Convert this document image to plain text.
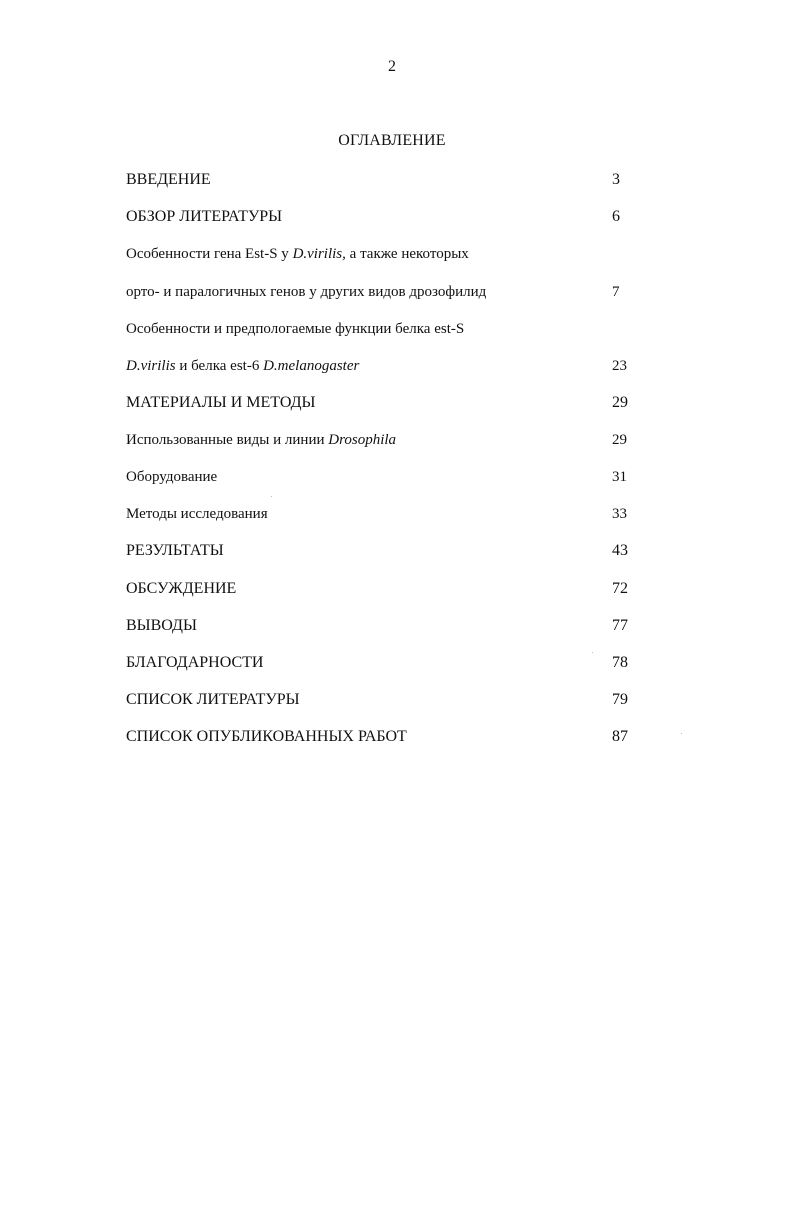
2
ОГЛАВЛЕНИЕ
ВВЕДЕНИЕ	3
ОБЗОР ЛИТЕРАТУРЫ	6
Особенности гена Est-S у D.virilis, а также некоторых
орто- и паралогичных генов у других видов дрозофилид	7
Особенности и предпологаемые функции белка est-S
D.virilis и белка est-6 D.melanogaster	23
МАТЕРИАЛЫ И МЕТОДЫ	29
Использованные виды и линии Drosophila	29
Оборудование	31
Методы исследования	33
РЕЗУЛЬТАТЫ	43
ОБСУЖДЕНИЕ	72
ВЫВОДЫ	77
БЛАГОДАРНОСТИ	78
СПИСОК ЛИТЕРАТУРЫ	79
СПИСОК ОПУБЛИКОВАННЫХ РАБОТ	87
